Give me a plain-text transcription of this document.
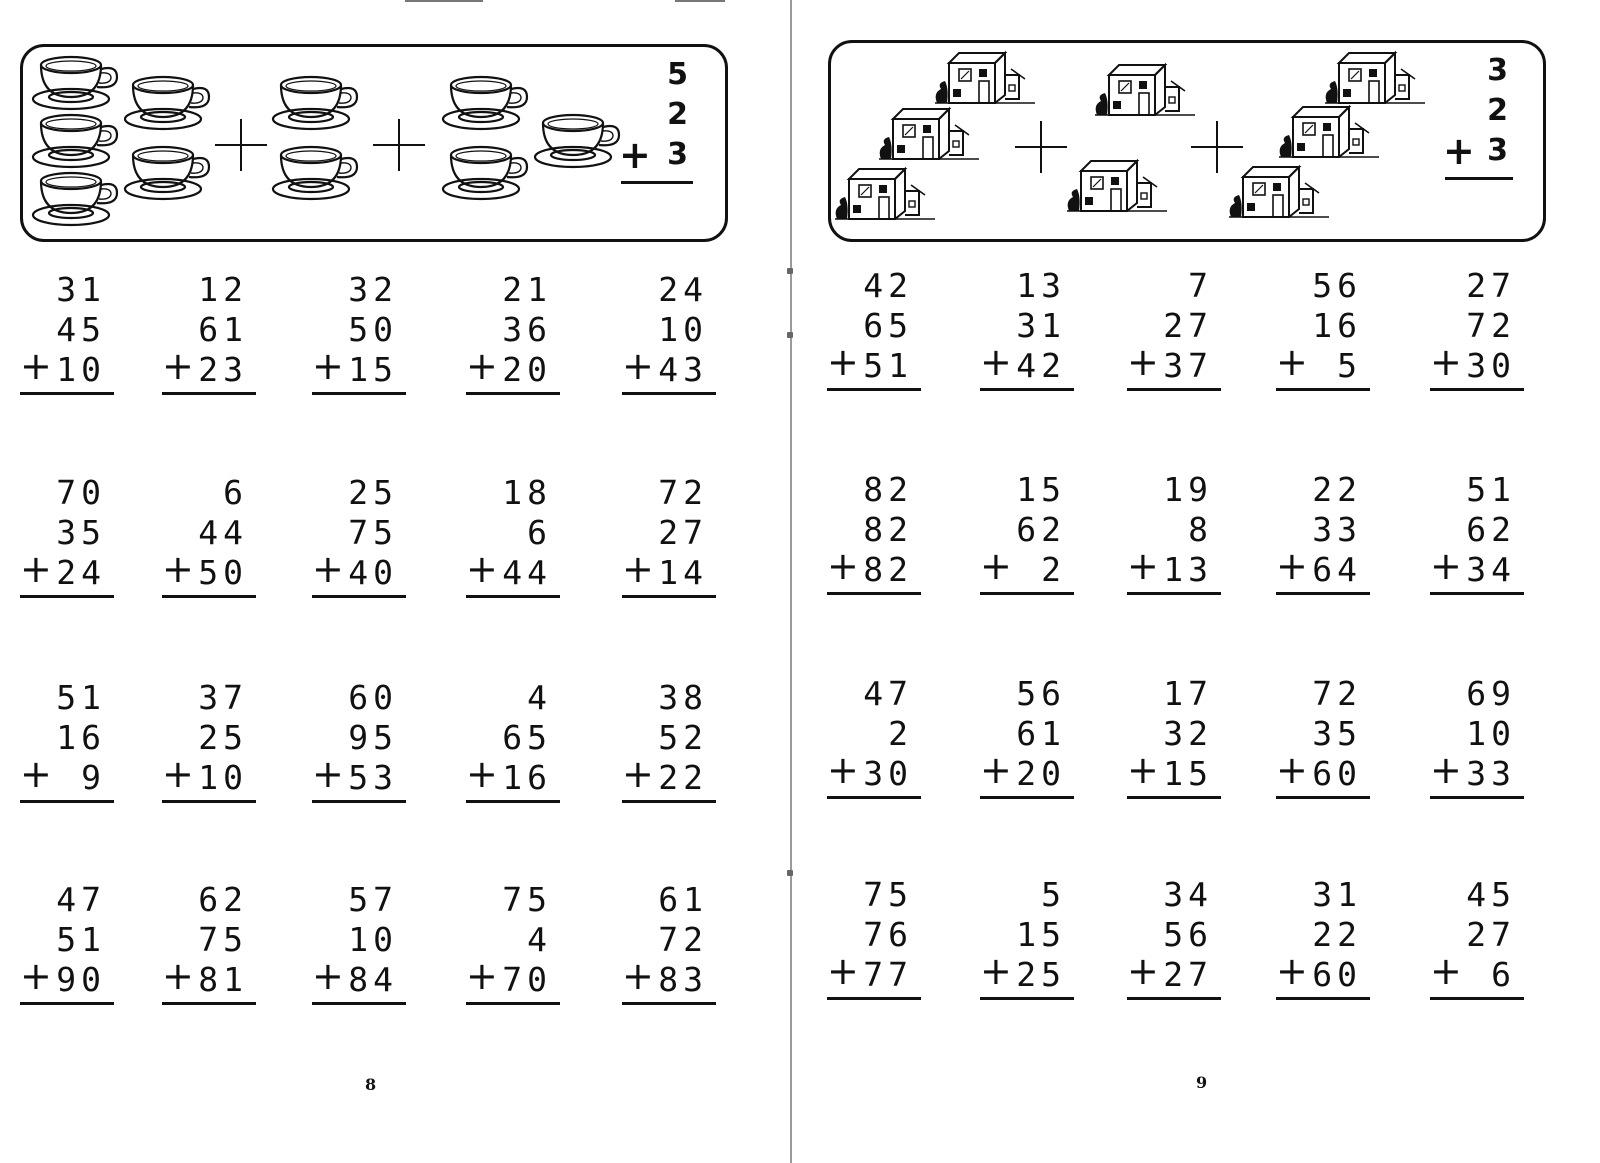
5
2
3
+
31
45
10
+
12
61
23
+
32
50
15
+
21
36
20
+
24
10
43
+
70
35
24
+
6
44
50
+
25
75
40
+
18
6
44
+
72
27
14
+
51
16
9
+
37
25
10
+
60
95
53
+
4
65
16
+
38
52
22
+
47
51
90
+
62
75
81
+
57
10
84
+
75
4
70
+
61
72
83
+
8
3
2
3
+
42
65
51
+
13
31
42
+
7
27
37
+
56
16
5
+
27
72
30
+
82
82
82
+
15
62
2
+
19
8
13
+
22
33
64
+
51
62
34
+
47
2
30
+
56
61
20
+
17
32
15
+
72
35
60
+
69
10
33
+
75
76
77
+
5
15
25
+
34
56
27
+
31
22
60
+
45
27
6
+
9
